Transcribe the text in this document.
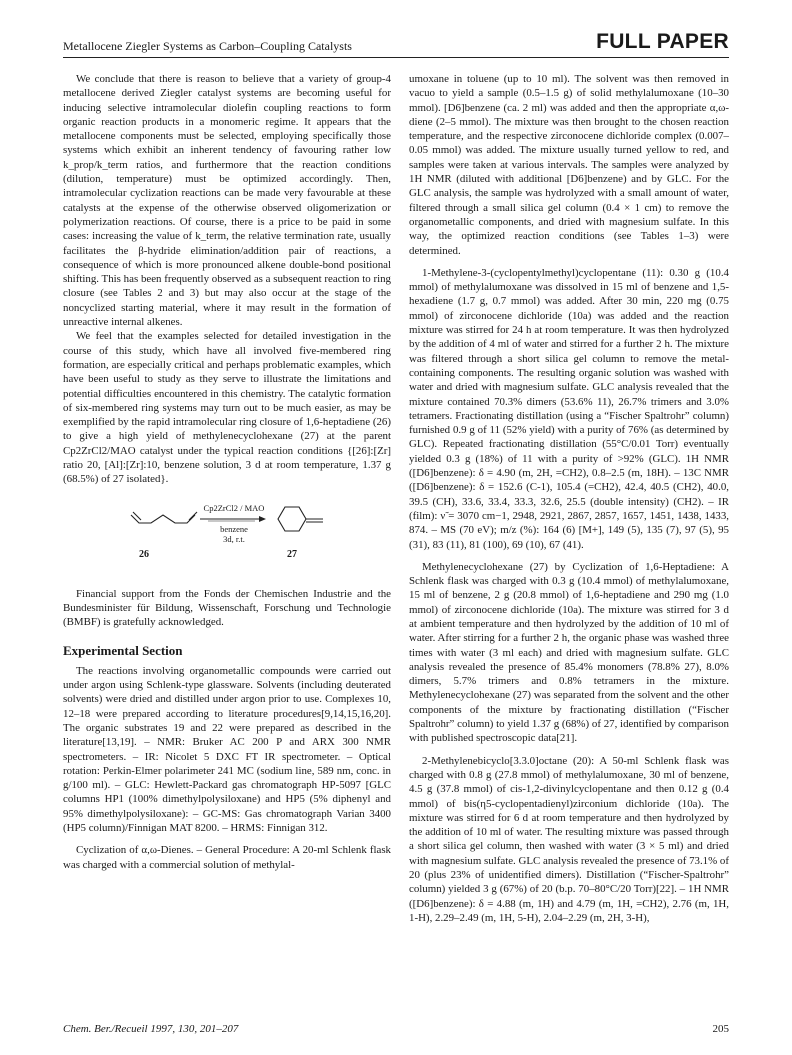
Metallocene Ziegler Systems as Carbon–Coupling Catalysts	FULL PAPER

We conclude that there is reason to believe that a variety of group-4 metallocene derived Ziegler catalyst systems are becoming useful for inducing selective intramolecular diolefin coupling reactions to form organic reaction products in a monomeric regime. It appears that the metallocene components must be selected, employing specifically those systems which exhibit an inherent tendency of favouring rather low k_prop/k_term ratios, and furthermore that the reaction conditions (dilution, temperature) must be optimized accordingly. Then, intramolecular cyclization reactions can be made very favourable at these catalysts at the expense of the otherwise observed oligomerization or polymerization reactions. Of course, there is a price to be paid in some cases: increasing the value of k_term, the relative termination rate, usually facilitates the β-hydride elimination/addition pair of reactions, a consequence of which is more pronounced alkene double-bond positional shifting. This has been frequently observed as a subsequent reaction to ring closure (see Tables 2 and 3) but may also occur at the stage of the noncyclized starting material, where it may result in the formation of unreactive internal alkenes.

We feel that the examples selected for detailed investigation in the course of this study, which have all involved five-membered ring formation, are especially critical and perhaps problematic examples, which have been useful to study as they serve to illustrate the limitations and potential difficulties encountered in this chemistry. The catalytic formation of six-membered ring systems may turn out to be much easier, as may be exemplified by the rapid intramolecular ring closure of 1,6-heptadiene (26) to give a high yield of methylenecyclohexane (27) at the parent Cp2ZrCl2/MAO catalyst under the typical reaction conditions {[26]:[Zr] ratio 20, [Al]:[Zr]:10, benzene solution, 3 d at room temperature, 1.37 g (68.5%) of 27 isolated}.

Cp2ZrCl2 / MAO
benzene
3d, r.t.
26	27

Financial support from the Fonds der Chemischen Industrie and the Bundesminister für Bildung, Wissenschaft, Forschung und Technologie (BMBF) is gratefully acknowledged.

Experimental Section

The reactions involving organometallic compounds were carried out under argon using Schlenk-type glassware. Solvents (including deuterated solvents) were dried and distilled under argon prior to use. Complexes 10, 12–18 were prepared according to literature procedures[9,14,15,16,20]. The organic substrates 19 and 22 were prepared as described in the literature[13,19]. – NMR: Bruker AC 200 P and ARX 300 NMR spectrometers. – IR: Nicolet 5 DXC FT IR spectrometer. – Optical rotation: Perkin-Elmer polarimeter 241 MC (sodium line, 589 nm, conc. in g/100 ml). – GLC: Hewlett-Packard gas chromatograph HP-5097 [GLC columns HP1 (100% dimethylpolysiloxane) and HP5 (5% diphenyl and 95% dimethylpolysiloxane): – GC-MS: Gas chromatograph Varian 3400 (HP5 column)/Finnigan MAT 8200. – HRMS: Finnigan 312.

Cyclization of α,ω-Dienes. – General Procedure: A 20-ml Schlenk flask was charged with a commercial solution of methylal-

umoxane in toluene (up to 10 ml). The solvent was then removed in vacuo to yield a sample (0.5–1.5 g) of solid methylalumoxane (10–30 mmol). [D6]benzene (ca. 2 ml) was added and then the appropriate α,ω-diene (2–5 mmol). The mixture was then brought to the chosen reaction temperature, and the respective zirconocene dichloride complex (0.007–0.05 mmol) was added. The mixture usually turned yellow to red, and samples were taken at various intervals. The samples were analyzed by 1H NMR (diluted with additional [D6]benzene) and by GLC. For the GLC analysis, the sample was hydrolyzed with a small amount of water, filtered through a small silica gel column (0.4 × 1 cm) to remove the organometallic components, and dried with magnesium sulfate. In this way, the optimized reaction conditions (see Tables 1–3) were determined.

1-Methylene-3-(cyclopentylmethyl)cyclopentane (11): 0.30 g (10.4 mmol) of methylalumoxane was dissolved in 15 ml of benzene and 1,5-hexadiene (1.7 g, 0.7 mmol) was added. After 30 min, 220 mg (0.75 mmol) of zirconocene dichloride (10a) was added and the reaction mixture was stirred for 24 h at room temperature. It was then hydrolyzed by the addition of 4 ml of water and stirred for a further 2 h. The mixture was filtered through a short silica gel column to remove the metal-containing components. The resulting organic solution was washed with water and dried with magnesium sulfate. GLC analysis revealed that the mixture contained 70.3% dimers (53.6% 11), 26.7% trimers and 3.0% tetramers. Fractionating distillation (using a “Fischer Spaltrohr” column) furnished 0.9 g of 11 (52% yield) with a purity of 76% (as determined by GLC). Repeated fractionating distillation (55°C/0.01 Torr) eventually yielded 0.3 g (18%) of 11 with a purity of >92% (GLC). 1H NMR ([D6]benzene): δ = 4.90 (m, 2H, =CH2), 0.8–2.5 (m, 18H). – 13C NMR ([D6]benzene): δ = 152.6 (C-1), 105.4 (=CH2), 42.4, 40.5 (CH2), 40.0, 39.5 (CH), 33.6, 33.4, 33.3, 32.6, 25.5 (double intensity) (CH2). – IR (film): ν̃ = 3070 cm−1, 2948, 2921, 2867, 2857, 1657, 1451, 1438, 1433, 874. – MS (70 eV); m/z (%): 164 (6) [M+], 149 (5), 135 (7), 97 (5), 95 (31), 83 (11), 81 (100), 69 (10), 67 (41).

Methylenecyclohexane (27) by Cyclization of 1,6-Heptadiene: A Schlenk flask was charged with 0.3 g (10.4 mmol) of methylalumoxane, 15 ml of benzene, 2 g (20.8 mmol) of 1,6-heptadiene and 290 mg (1.0 mmol) of zirconocene dichloride (10a). The mixture was stirred for 3 d at ambient temperature and then hydrolyzed by the addition of 10 ml of water. After stirring for a further 2 h, the organic phase was washed three times with water (3 ml each) and dried with magnesium sulfate. GLC analysis revealed the presence of 85.4% monomers (78.8% 27), 8.0% dimers, 5.7% trimers and 0.8% tetramers in the mixture. Methylenecyclohexane (27) was separated from the solvent and the other components of the mixture by fractionating distillation (“Fischer Spaltrohr” column) to yield 1.37 g (68%) of 27, identified by comparison with published spectroscopic data[21].

2-Methylenebicyclo[3.3.0]octane (20): A 50-ml Schlenk flask was charged with 0.8 g (27.8 mmol) of methylalumoxane, 30 ml of benzene, 4.5 g (37.8 mmol) of cis-1,2-divinylcyclopentane and then 0.12 g (0.4 mmol) of bis(η5-cyclopentadienyl)zirconium dichloride (10a). The mixture was stirred for 6 d at room temperature and then hydrolyzed by the addition of 10 ml of water. The resulting mixture was passed through a short silica gel column, then washed with water (3 × 5 ml) and dried with magnesium sulfate. GLC analysis revealed the presence of 73.1% of 20 (plus 23% of unidentified dimers). Distillation (“Fischer-Spaltrohr” column) yielded 3 g (67%) of 20 (b.p. 70–80°C/20 Torr)[22]. – 1H NMR ([D6]benzene): δ = 4.88 (m, 1H) and 4.79 (m, 1H, =CH2), 2.76 (m, 1H, 1-H), 2.29–2.49 (m, 1H, 5-H), 2.04–2.29 (m, 2H, 3-H),

Chem. Ber./Recueil 1997, 130, 201–207	205
